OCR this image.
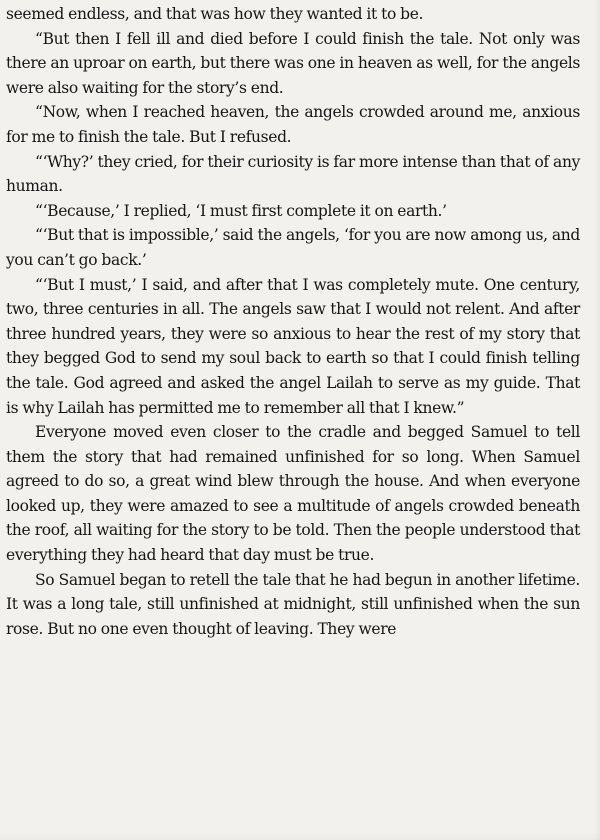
seemed endless, and that was how they wanted it to be.

“But then I fell ill and died before I could finish the tale. Not only was there an uproar on earth, but there was one in heaven as well, for the angels were also waiting for the story’s end.

“Now, when I reached heaven, the angels crowded around me, anxious for me to finish the tale. But I refused.

“‘Why?’ they cried, for their curiosity is far more intense than that of any human.

“‘Because,’ I replied, ‘I must first complete it on earth.’

“‘But that is impossible,’ said the angels, ‘for you are now among us, and you can’t go back.’

“‘But I must,’ I said, and after that I was completely mute. One century, two, three centuries in all. The angels saw that I would not relent. And after three hundred years, they were so anxious to hear the rest of my story that they begged God to send my soul back to earth so that I could finish telling the tale. God agreed and asked the angel Lailah to serve as my guide. That is why Lailah has permitted me to remember all that I knew.”

Everyone moved even closer to the cradle and begged Samuel to tell them the story that had remained unfinished for so long. When Samuel agreed to do so, a great wind blew through the house. And when everyone looked up, they were amazed to see a multitude of angels crowded beneath the roof, all waiting for the story to be told. Then the people understood that everything they had heard that day must be true.

So Samuel began to retell the tale that he had begun in another lifetime. It was a long tale, still unfinished at midnight, still unfinished when the sun rose. But no one even thought of leaving. They were
